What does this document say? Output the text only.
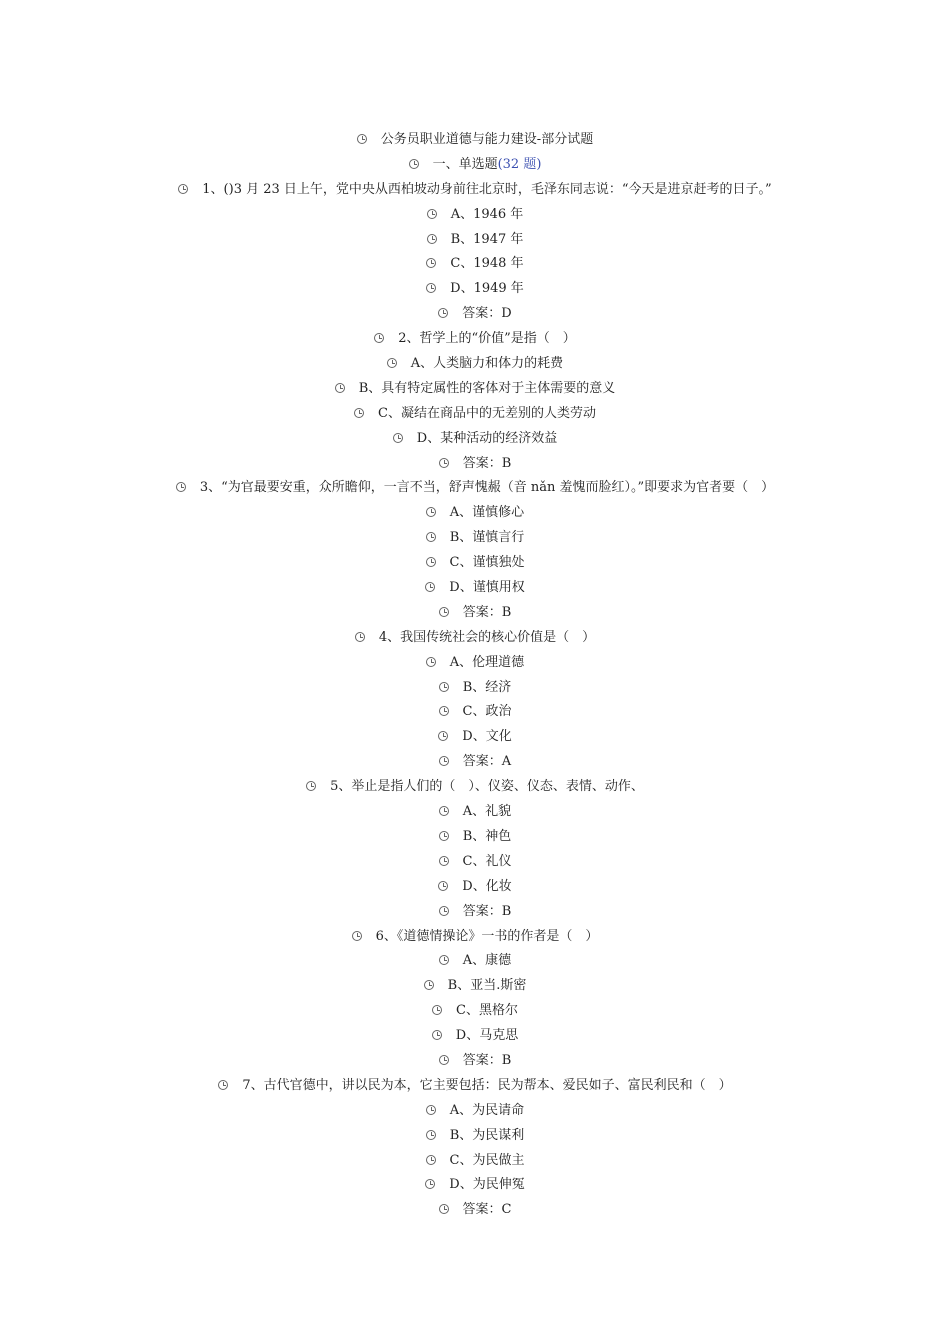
公务员职业道德与能力建设-部分试题
一、单选题(32 题)
1、()3 月 23 日上午，党中央从西柏坡动身前往北京时，毛泽东同志说：“今天是进京赶考的日子。”
A、1946 年
B、1947 年
C、1948 年
D、1949 年
答案：D
2、哲学上的“价值”是指（　）
A、人类脑力和体力的耗费
B、具有特定属性的客体对于主体需要的意义
C、凝结在商品中的无差别的人类劳动
D、某种活动的经济效益
答案：B
3、“为官最要安重，众所瞻仰，一言不当，舒声愧赧（音 nǎn 羞愧而脸红）。”即要求为官者要（　）
A、谨慎修心
B、谨慎言行
C、谨慎独处
D、谨慎用权
答案：B
4、我国传统社会的核心价值是（　）
A、伦理道德
B、经济
C、政治
D、文化
答案：A
5、举止是指人们的（　）、仪姿、仪态、表情、动作、
A、礼貌
B、神色
C、礼仪
D、化妆
答案：B
6、《道德情操论》一书的作者是（　）
A、康德
B、亚当.斯密
C、黑格尔
D、马克思
答案：B
7、古代官德中，讲以民为本，它主要包括：民为帮本、爱民如子、富民利民和（　）
A、为民请命
B、为民谋利
C、为民做主
D、为民伸冤
答案：C
